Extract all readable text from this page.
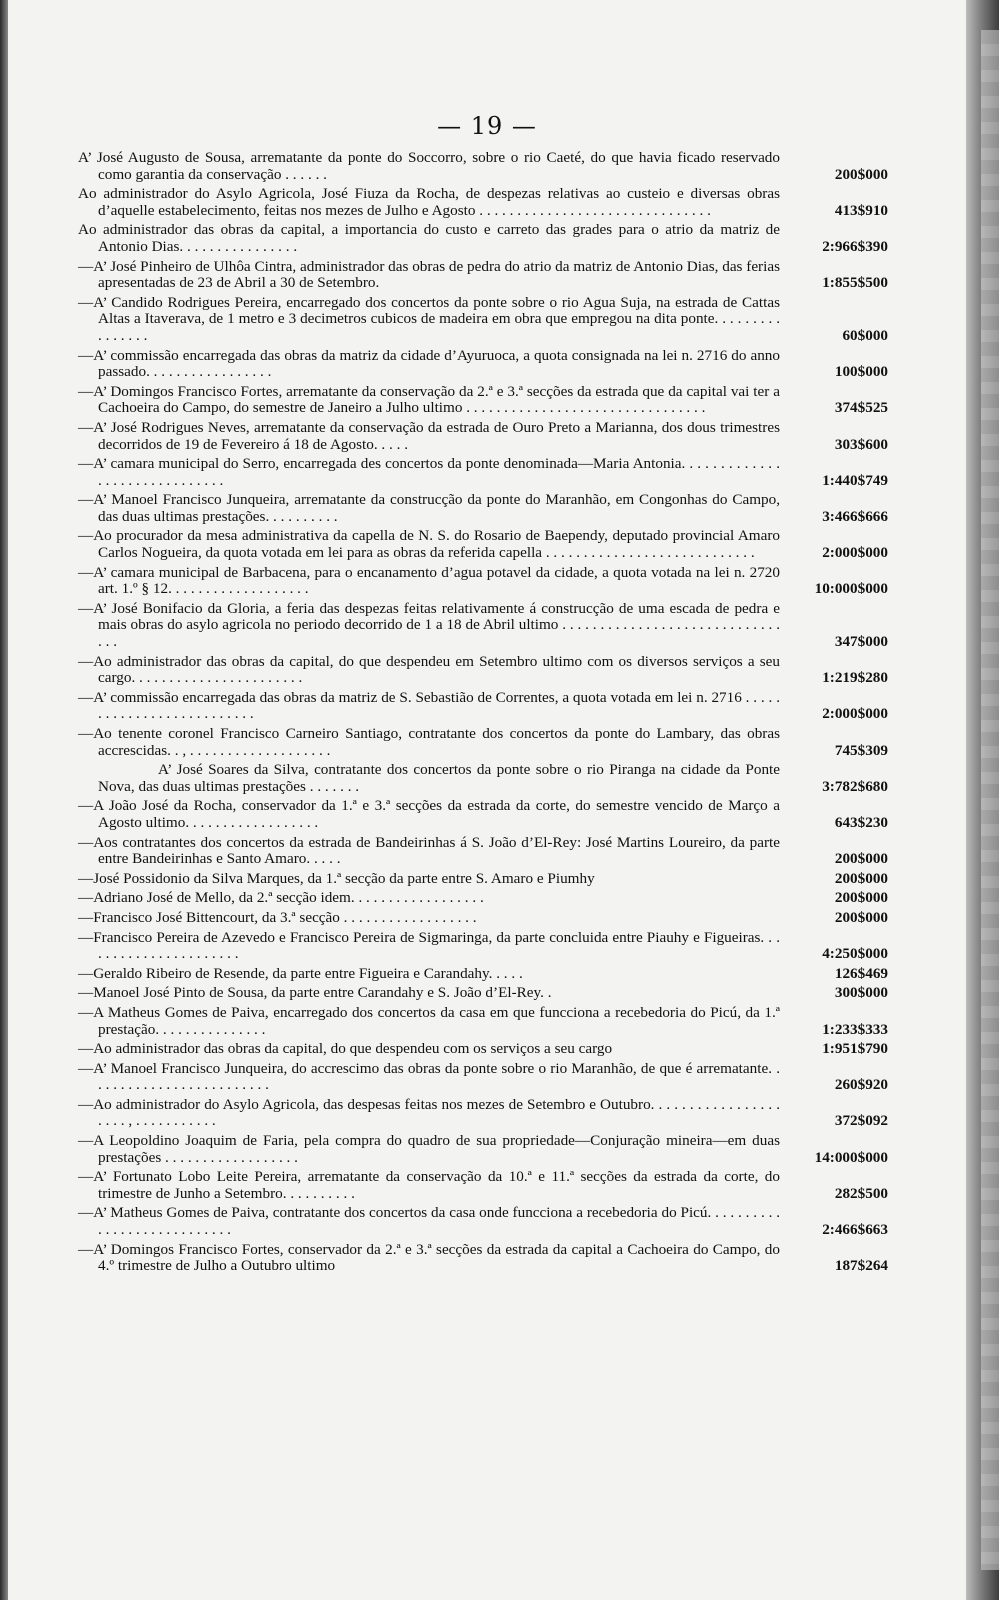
— 19 —
A’ José Augusto de Sousa, arrematante da ponte do Soccorro, sobre o rio Caeté, do que havia ficado reservado como garantia da conservação . . . . . .	200$000
Ao administrador do Asylo Agricola, José Fiuza da Rocha, de despezas relativas ao custeio e diversas obras d’aquelle estabelecimento, feitas nos mezes de Julho e Agosto . . . . . . . . . . . . . . . . . . . . . . . . . . . . . . .	413$910
Ao administrador das obras da capital, a importancia do custo e carreto das grades para o atrio da matriz de Antonio Dias. . . . . . . . . . . . . . . .	2:966$390
—A’ José Pinheiro de Ulhôa Cintra, administrador das obras de pedra do atrio da matriz de Antonio Dias, das ferias apresentadas de 23 de Abril a 30 de Setembro.	1:855$500
—A’ Candido Rodrigues Pereira, encarregado dos concertos da ponte sobre o rio Agua Suja, na estrada de Cattas Altas a Itaverava, de 1 metro e 3 decimetros cubicos de madeira em obra que empregou na dita ponte. . . . . . . . . . . . . . . .	60$000
—A’ commissão encarregada das obras da matriz da cidade d’Ayuruoca, a quota consignada na lei n. 2716 do anno passado. . . . . . . . . . . . . . . . .	100$000
—A’ Domingos Francisco Fortes, arrematante da conservação da 2.ª e 3.ª secções da estrada que da capital vai ter a Cachoeira do Campo, do semestre de Janeiro a Julho ultimo . . . . . . . . . . . . . . . . . . . . . . . . . . . . . . . .	374$525
—A’ José Rodrigues Neves, arrematante da conservação da estrada de Ouro Preto a Marianna, dos dous trimestres decorridos de 19 de Fevereiro á 18 de Agosto. . . . .	303$600
—A’ camara municipal do Serro, encarregada des concertos da ponte denominada—Maria Antonia. . . . . . . . . . . . . . . . . . . . . . . . . . . . . .	1:440$749
—A’ Manoel Francisco Junqueira, arrematante da construcção da ponte do Maranhão, em Congonhas do Campo, das duas ultimas prestações. . . . . . . . . .	3:466$666
—Ao procurador da mesa administrativa da capella de N. S. do Rosario de Baependy, deputado provincial Amaro Carlos Nogueira, da quota votada em lei para as obras da referida capella . . . . . . . . . . . . . . . . . . . . . . . . . . . .	2:000$000
—A’ camara municipal de Barbacena, para o encanamento d’agua potavel da cidade, a quota votada na lei n. 2720 art. 1.º § 12. . . . . . . . . . . . . . . . . . .	10:000$000
—A’ José Bonifacio da Gloria, a feria das despezas feitas relativamente á construcção de uma escada de pedra e mais obras do asylo agricola no periodo decorrido de 1 a 18 de Abril ultimo . . . . . . . . . . . . . . . . . . . . . . . . . . . . . . . .	347$000
—Ao administrador das obras da capital, do que despendeu em Setembro ultimo com os diversos serviços a seu cargo. . . . . . . . . . . . . . . . . . . . . . .	1:219$280
—A’ commissão encarregada das obras da matriz de S. Sebastião de Correntes, a quota votada em lei n. 2716 . . . . . . . . . . . . . . . . . . . . . . . . . .	2:000$000
—Ao tenente coronel Francisco Carneiro Santiago, contratante dos concertos da ponte do Lambary, das obras accrescidas. . , . . . . . . . . . . . . . . . . . . .	745$309
A’ José Soares da Silva, contratante dos concertos da ponte sobre o rio Piranga na cidade da Ponte Nova, das duas ultimas prestações . . . . . . .	3:782$680
—A João José da Rocha, conservador da 1.ª e 3.ª secções da estrada da corte, do semestre vencido de Março a Agosto ultimo. . . . . . . . . . . . . . . . . .	643$230
—Aos contratantes dos concertos da estrada de Bandeirinhas á S. João d’El-Rey: José Martins Loureiro, da parte entre Bandeirinhas e Santo Amaro. . . . .	200$000
—José Possidonio da Silva Marques, da 1.ª secção da parte entre S. Amaro e Piumhy	200$000
—Adriano José de Mello, da 2.ª secção idem. . . . . . . . . . . . . . . . . .	200$000
—Francisco José Bittencourt, da 3.ª secção . . . . . . . . . . . . . . . . . .	200$000
—Francisco Pereira de Azevedo e Francisco Pereira de Sigmaringa, da parte concluida entre Piauhy e Figueiras. . . . . . . . . . . . . . . . . . . . . .	4:250$000
—Geraldo Ribeiro de Resende, da parte entre Figueira e Carandahy. . . . .	126$469
—Manoel José Pinto de Sousa, da parte entre Carandahy e S. João d’El-Rey. .	300$000
—A Matheus Gomes de Paiva, encarregado dos concertos da casa em que funcciona a recebedoria do Picú, da 1.ª prestação. . . . . . . . . . . . . . .	1:233$333
—Ao administrador das obras da capital, do que despendeu com os serviços a seu cargo	1:951$790
—A’ Manoel Francisco Junqueira, do accrescimo das obras da ponte sobre o rio Maranhão, de que é arrematante. . . . . . . . . . . . . . . . . . . . . . . . .	260$920
—Ao administrador do Asylo Agricola, das despesas feitas nos mezes de Setembro e Outubro. . . . . . . . . . . . . . . . . . . . . , . . . . . . . . . . .	372$092
—A Leopoldino Joaquim de Faria, pela compra do quadro de sua propriedade—Conjuração mineira—em duas prestações . . . . . . . . . . . . . . . . . .	14:000$000
—A’ Fortunato Lobo Leite Pereira, arrematante da conservação da 10.ª e 11.ª secções da estrada da corte, do trimestre de Junho a Setembro. . . . . . . . . .	282$500
—A’ Matheus Gomes de Paiva, contratante dos concertos da casa onde funcciona a recebedoria do Picú. . . . . . . . . . . . . . . . . . . . . . . . . . . .	2:466$663
—A’ Domingos Francisco Fortes, conservador da 2.ª e 3.ª secções da estrada da capital a Cachoeira do Campo, do 4.º trimestre de Julho a Outubro ultimo	187$264
